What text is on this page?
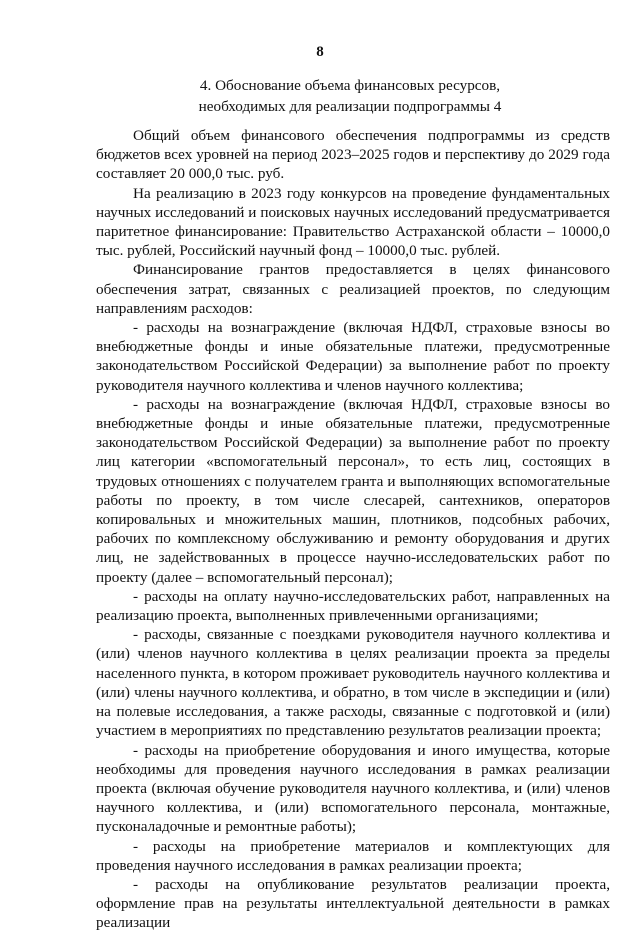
8
4. Обоснование объема финансовых ресурсов,
необходимых для реализации подпрограммы 4

Общий объем финансового обеспечения подпрограммы из средств бюджетов всех уровней на период 2023–2025 годов и перспективу до 2029 года составляет 20 000,0 тыс. руб.

На реализацию в 2023 году конкурсов на проведение фундаментальных научных исследований и поисковых научных исследований предусматривается паритетное финансирование: Правительство Астраханской области – 10000,0 тыс. рублей, Российский научный фонд – 10000,0 тыс. рублей.

Финансирование грантов предоставляется в целях финансового обеспечения затрат, связанных с реализацией проектов, по следующим направлениям расходов:

- расходы на вознаграждение (включая НДФЛ, страховые взносы во внебюджетные фонды и иные обязательные платежи, предусмотренные законодательством Российской Федерации) за выполнение работ по проекту руководителя научного коллектива и членов научного коллектива;

- расходы на вознаграждение (включая НДФЛ, страховые взносы во внебюджетные фонды и иные обязательные платежи, предусмотренные законодательством Российской Федерации) за выполнение работ по проекту лиц категории «вспомогательный персонал», то есть лиц, состоящих в трудовых отношениях с получателем гранта и выполняющих вспомогательные работы по проекту, в том числе слесарей, сантехников, операторов копировальных и множительных машин, плотников, подсобных рабочих, рабочих по комплексному обслуживанию и ремонту оборудования и других лиц, не задействованных в процессе научно-исследовательских работ по проекту (далее – вспомогательный персонал);

- расходы на оплату научно-исследовательских работ, направленных на реализацию проекта, выполненных привлеченными организациями;

- расходы, связанные с поездками руководителя научного коллектива и (или) членов научного коллектива в целях реализации проекта за пределы населенного пункта, в котором проживает руководитель научного коллектива и (или) члены научного коллектива, и обратно, в том числе в экспедиции и (или) на полевые исследования, а также расходы, связанные с подготовкой и (или) участием в мероприятиях по представлению результатов реализации проекта;

- расходы на приобретение оборудования и иного имущества, которые необходимы для проведения научного исследования в рамках реализации проекта (включая обучение руководителя научного коллектива, и (или) членов научного коллектива, и (или) вспомогательного персонала, монтажные, пусконаладочные и ремонтные работы);

- расходы на приобретение материалов и комплектующих для проведения научного исследования в рамках реализации проекта;

- расходы на опубликование результатов реализации проекта, оформление прав на результаты интеллектуальной деятельности в рамках реализации
